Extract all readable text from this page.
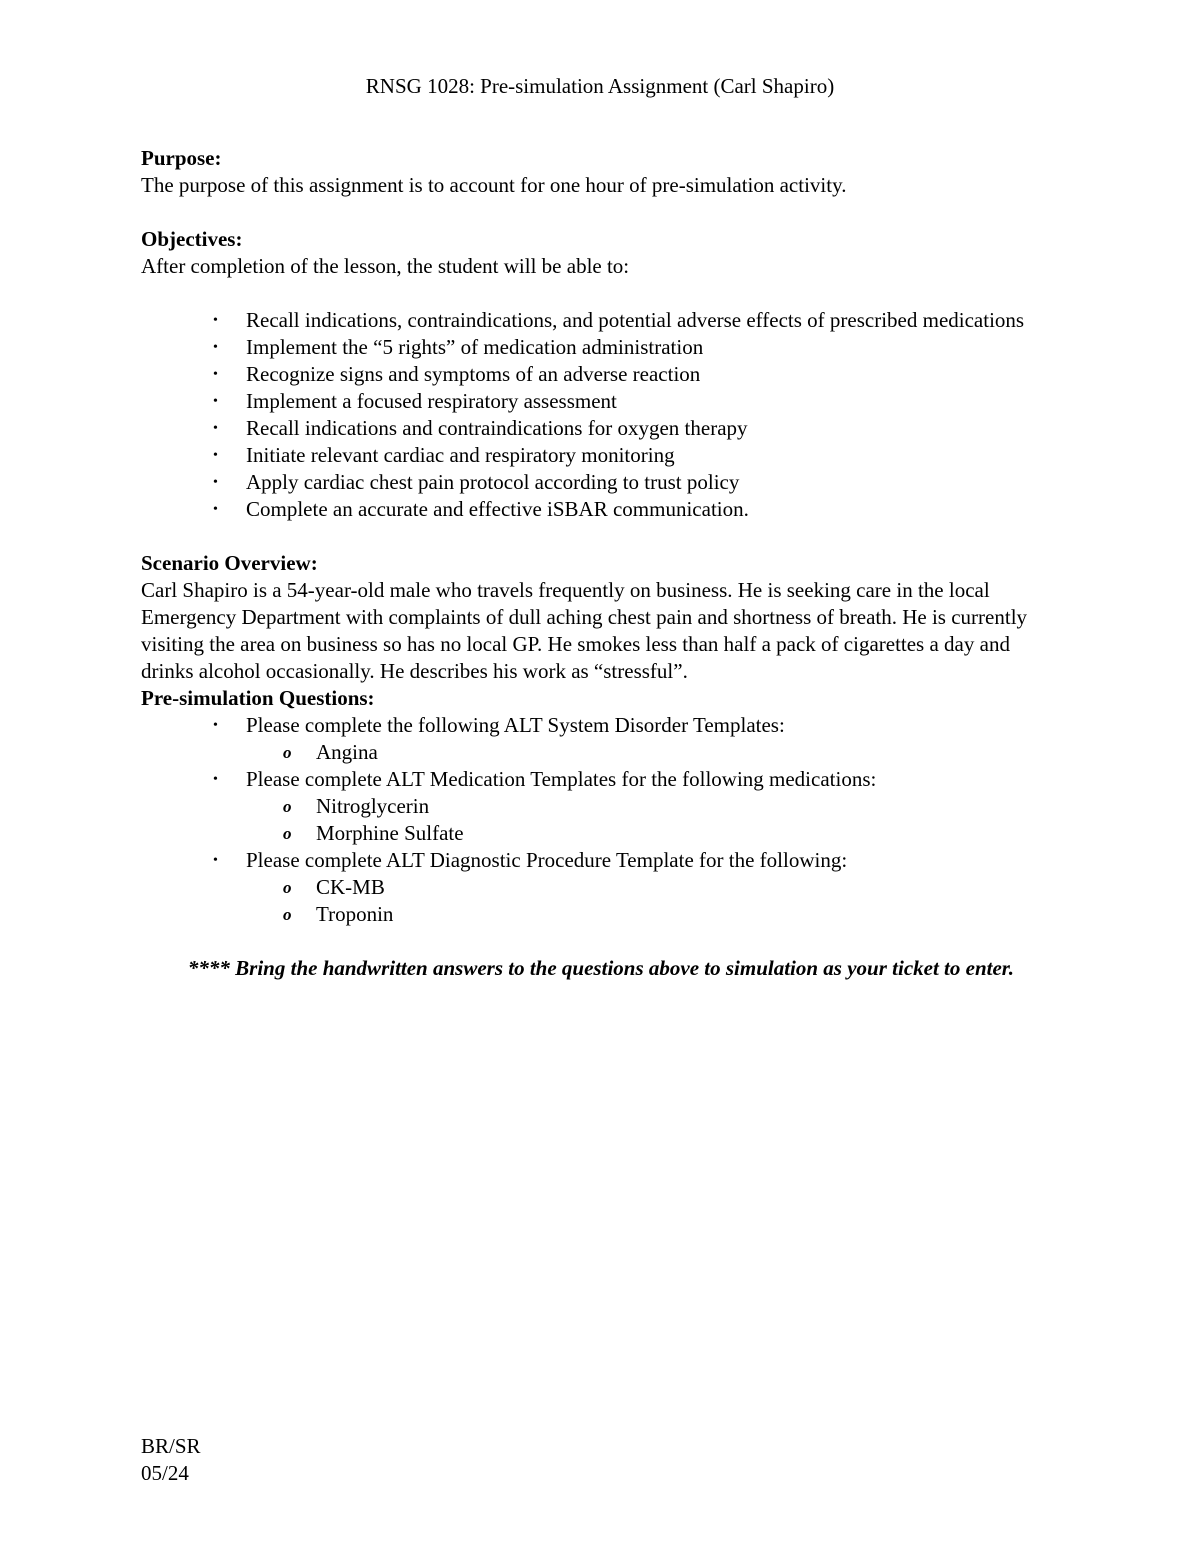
RNSG 1028: Pre-simulation Assignment (Carl Shapiro)

Purpose:

The purpose of this assignment is to account for one hour of pre-simulation activity.

Objectives:

After completion of the lesson, the student will be able to:

• Recall indications, contraindications, and potential adverse effects of prescribed medications
• Implement the “5 rights” of medication administration
• Recognize signs and symptoms of an adverse reaction
• Implement a focused respiratory assessment
• Recall indications and contraindications for oxygen therapy
• Initiate relevant cardiac and respiratory monitoring
• Apply cardiac chest pain protocol according to trust policy
• Complete an accurate and effective iSBAR communication.

Scenario Overview:

Carl Shapiro is a 54-year-old male who travels frequently on business. He is seeking care in the local Emergency Department with complaints of dull aching chest pain and shortness of breath. He is currently visiting the area on business so has no local GP. He smokes less than half a pack of cigarettes a day and drinks alcohol occasionally. He describes his work as “stressful”.

Pre-simulation Questions:

• Please complete the following ALT System Disorder Templates:
o Angina
• Please complete ALT Medication Templates for the following medications:
o Nitroglycerin
o Morphine Sulfate
• Please complete ALT Diagnostic Procedure Template for the following:
o CK-MB
o Troponin

**** Bring the handwritten answers to the questions above to simulation as your ticket to enter.

BR/SR
05/24
